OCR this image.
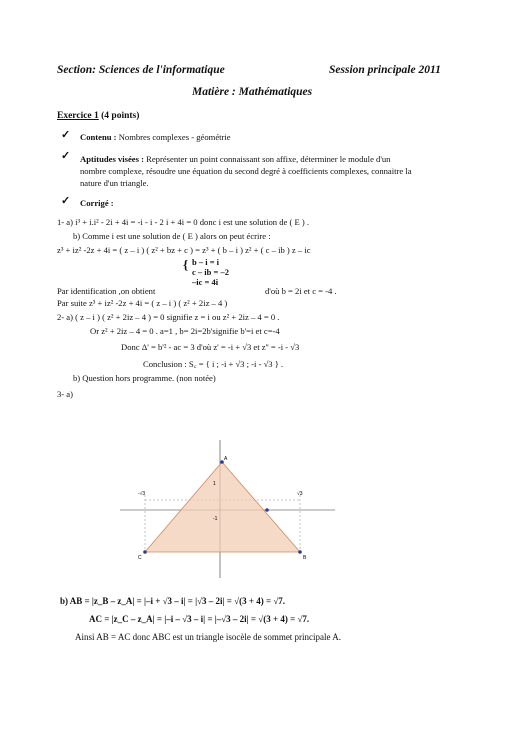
Section: Sciences de l'informatique	Session principale 2011
Matière : Mathématiques
Exercice 1 (4 points)
✓ Contenu : Nombres complexes - géométrie
✓ Aptitudes visées : Représenter un point connaissant son affixe, déterminer le module d'un
nombre complexe, résoudre une équation du second degré à coefficients complexes, connaitre la
nature d'un triangle.
✓ Corrigé :
1- a) i³ + i.i² - 2i + 4i = -i - i - 2 i + 4i = 0 donc i est une solution de ( E ) .
b) Comme i est une solution de ( E ) alors on peut écrire :
z³ + iz² -2z + 4i = ( z – i ) ( z² + bz + c ) = z³ + ( b – i ) z² + ( c – ib ) z – ic
{ b – i = i
c – ib = –2
–ic = 4i
Par identification ,on obtient	d'où b = 2i et c = -4 .
Par suite z³ + iz² -2z + 4i = ( z – i ) ( z² + 2iz – 4 )
2- a) ( z – i ) ( z² + 2iz – 4 ) = 0 signifie z = i ou z² + 2iz – 4 = 0 .
Or z² + 2iz – 4 = 0 . a=1 , b= 2i=2b'signifie b'=i et c=-4
Donc Δ' = b'² - ac = 3 d'où z' = -i + √3 et z'' = -i - √3
Conclusion : S꜀ = { i ; -i + √3 ; -i - √3 } .
b) Question hors programme. (non notée)
3- a)
A
B
C
√3
-√3
1
-1
b) AB = |z_B – z_A| = |–i + √3 – i| = |√3 – 2i| = √(3 + 4) = √7.
AC = |z_C – z_A| = |–i – √3 – i| = |–√3 – 2i| = √(3 + 4) = √7.
Ainsi AB = AC donc ABC est un triangle isocèle de sommet principale A.
